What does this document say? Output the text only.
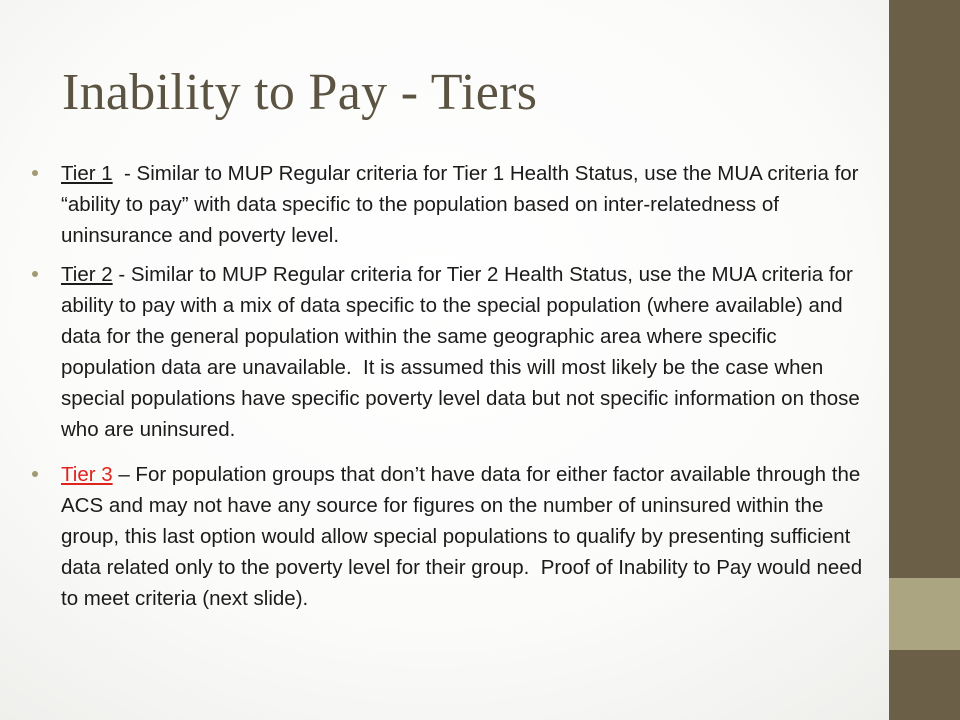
Inability to Pay - Tiers
Tier 1  - Similar to MUP Regular criteria for Tier 1 Health Status, use the MUA criteria for “ability to pay” with data specific to the population based on inter-relatedness of uninsurance and poverty level.
Tier 2 - Similar to MUP Regular criteria for Tier 2 Health Status, use the MUA criteria for ability to pay with a mix of data specific to the special population (where available) and data for the general population within the same geographic area where specific population data are unavailable.  It is assumed this will most likely be the case when special populations have specific poverty level data but not specific information on those who are uninsured.
Tier 3 – For population groups that don’t have data for either factor available through the ACS and may not have any source for figures on the number of uninsured within the group, this last option would allow special populations to qualify by presenting sufficient data related only to the poverty level for their group.  Proof of Inability to Pay would need to meet criteria (next slide).
